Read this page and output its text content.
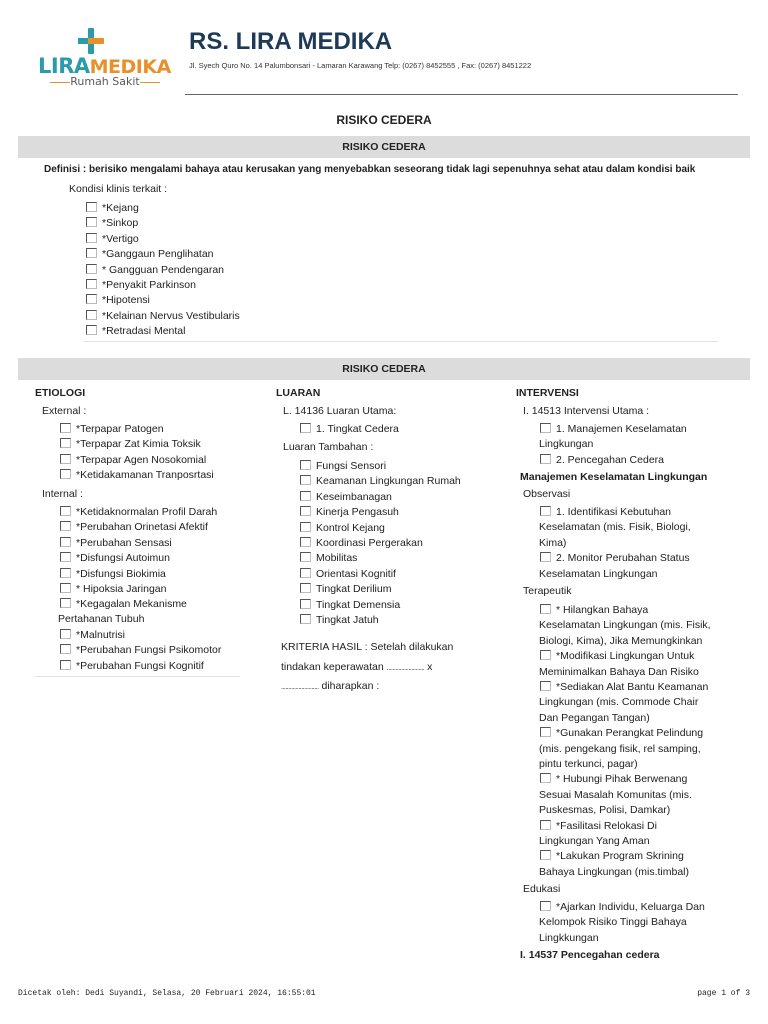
LIRAMEDIKA
Rumah Sakit
RS. LIRA MEDIKA
Jl. Syech Quro No. 14 Palumbonsari - Lamaran Karawang Telp: (0267) 8452555 , Fax: (0267) 8451222
RISIKO CEDERA
RISIKO CEDERA
Definisi : berisiko mengalami bahaya atau kerusakan yang menyebabkan seseorang tidak lagi sepenuhnya sehat atau dalam kondisi baik
Kondisi klinis terkait :
*Kejang
*Sinkop
*Vertigo
*Ganggaun Penglihatan
* Gangguan Pendengaran
*Penyakit Parkinson
*Hipotensi
*Kelainan Nervus Vestibularis
*Retradasi Mental
RISIKO CEDERA
ETIOLOGI
External :
*Terpapar Patogen
*Terpapar Zat Kimia Toksik
*Terpapar Agen Nosokomial
*Ketidakamanan Tranposrtasi
Internal :
*Ketidaknormalan Profil Darah
*Perubahan Orinetasi Afektif
*Perubahan Sensasi
*Disfungsi Autoimun
*Disfungsi Biokimia
* Hipoksia Jaringan
*Kegagalan Mekanisme
Pertahanan Tubuh
*Malnutrisi
*Perubahan Fungsi Psikomotor
*Perubahan Fungsi Kognitif
LUARAN
L. 14136 Luaran Utama:
1. Tingkat Cedera
Luaran Tambahan :
Fungsi Sensori
Keamanan Lingkungan Rumah
Keseimbanagan
Kinerja Pengasuh
Kontrol Kejang
Koordinasi Pergerakan
Mobilitas
Orientasi Kognitif
Tingkat Derilium
Tingkat Demensia
Tingkat Jatuh
KRITERIA HASIL : Setelah dilakukan
tindakan keperawatan .......................... x
.......................... diharapkan :
INTERVENSI
I. 14513 Intervensi Utama :
1. Manajemen Keselamatan
Lingkungan
2. Pencegahan Cedera
Manajemen Keselamatan Lingkungan
Observasi
1. Identifikasi Kebutuhan
Keselamatan (mis. Fisik, Biologi,
Kima)
2. Monitor Perubahan Status
Keselamatan Lingkungan
Terapeutik
* Hilangkan Bahaya
Keselamatan Lingkungan (mis. Fisik,
Biologi, Kima), Jika Memungkinkan
*Modifikasi Lingkungan Untuk
Meminimalkan Bahaya Dan Risiko
*Sediakan Alat Bantu Keamanan
Lingkungan (mis. Commode Chair
Dan Pegangan Tangan)
*Gunakan Perangkat Pelindung
(mis. pengekang fisik, rel samping,
pintu terkunci, pagar)
* Hubungi Pihak Berwenang
Sesuai Masalah Komunitas (mis.
Puskesmas, Polisi, Damkar)
*Fasilitasi Relokasi Di
Lingkungan Yang Aman
*Lakukan Program Skrining
Bahaya Lingkungan (mis.timbal)
Edukasi
*Ajarkan Individu, Keluarga Dan
Kelompok Risiko Tinggi Bahaya
Lingkkungan
I. 14537 Pencegahan cedera
Dicetak oleh: Dedi Suyandi, Selasa, 20 Februari 2024, 16:55:01	page 1 of 3
